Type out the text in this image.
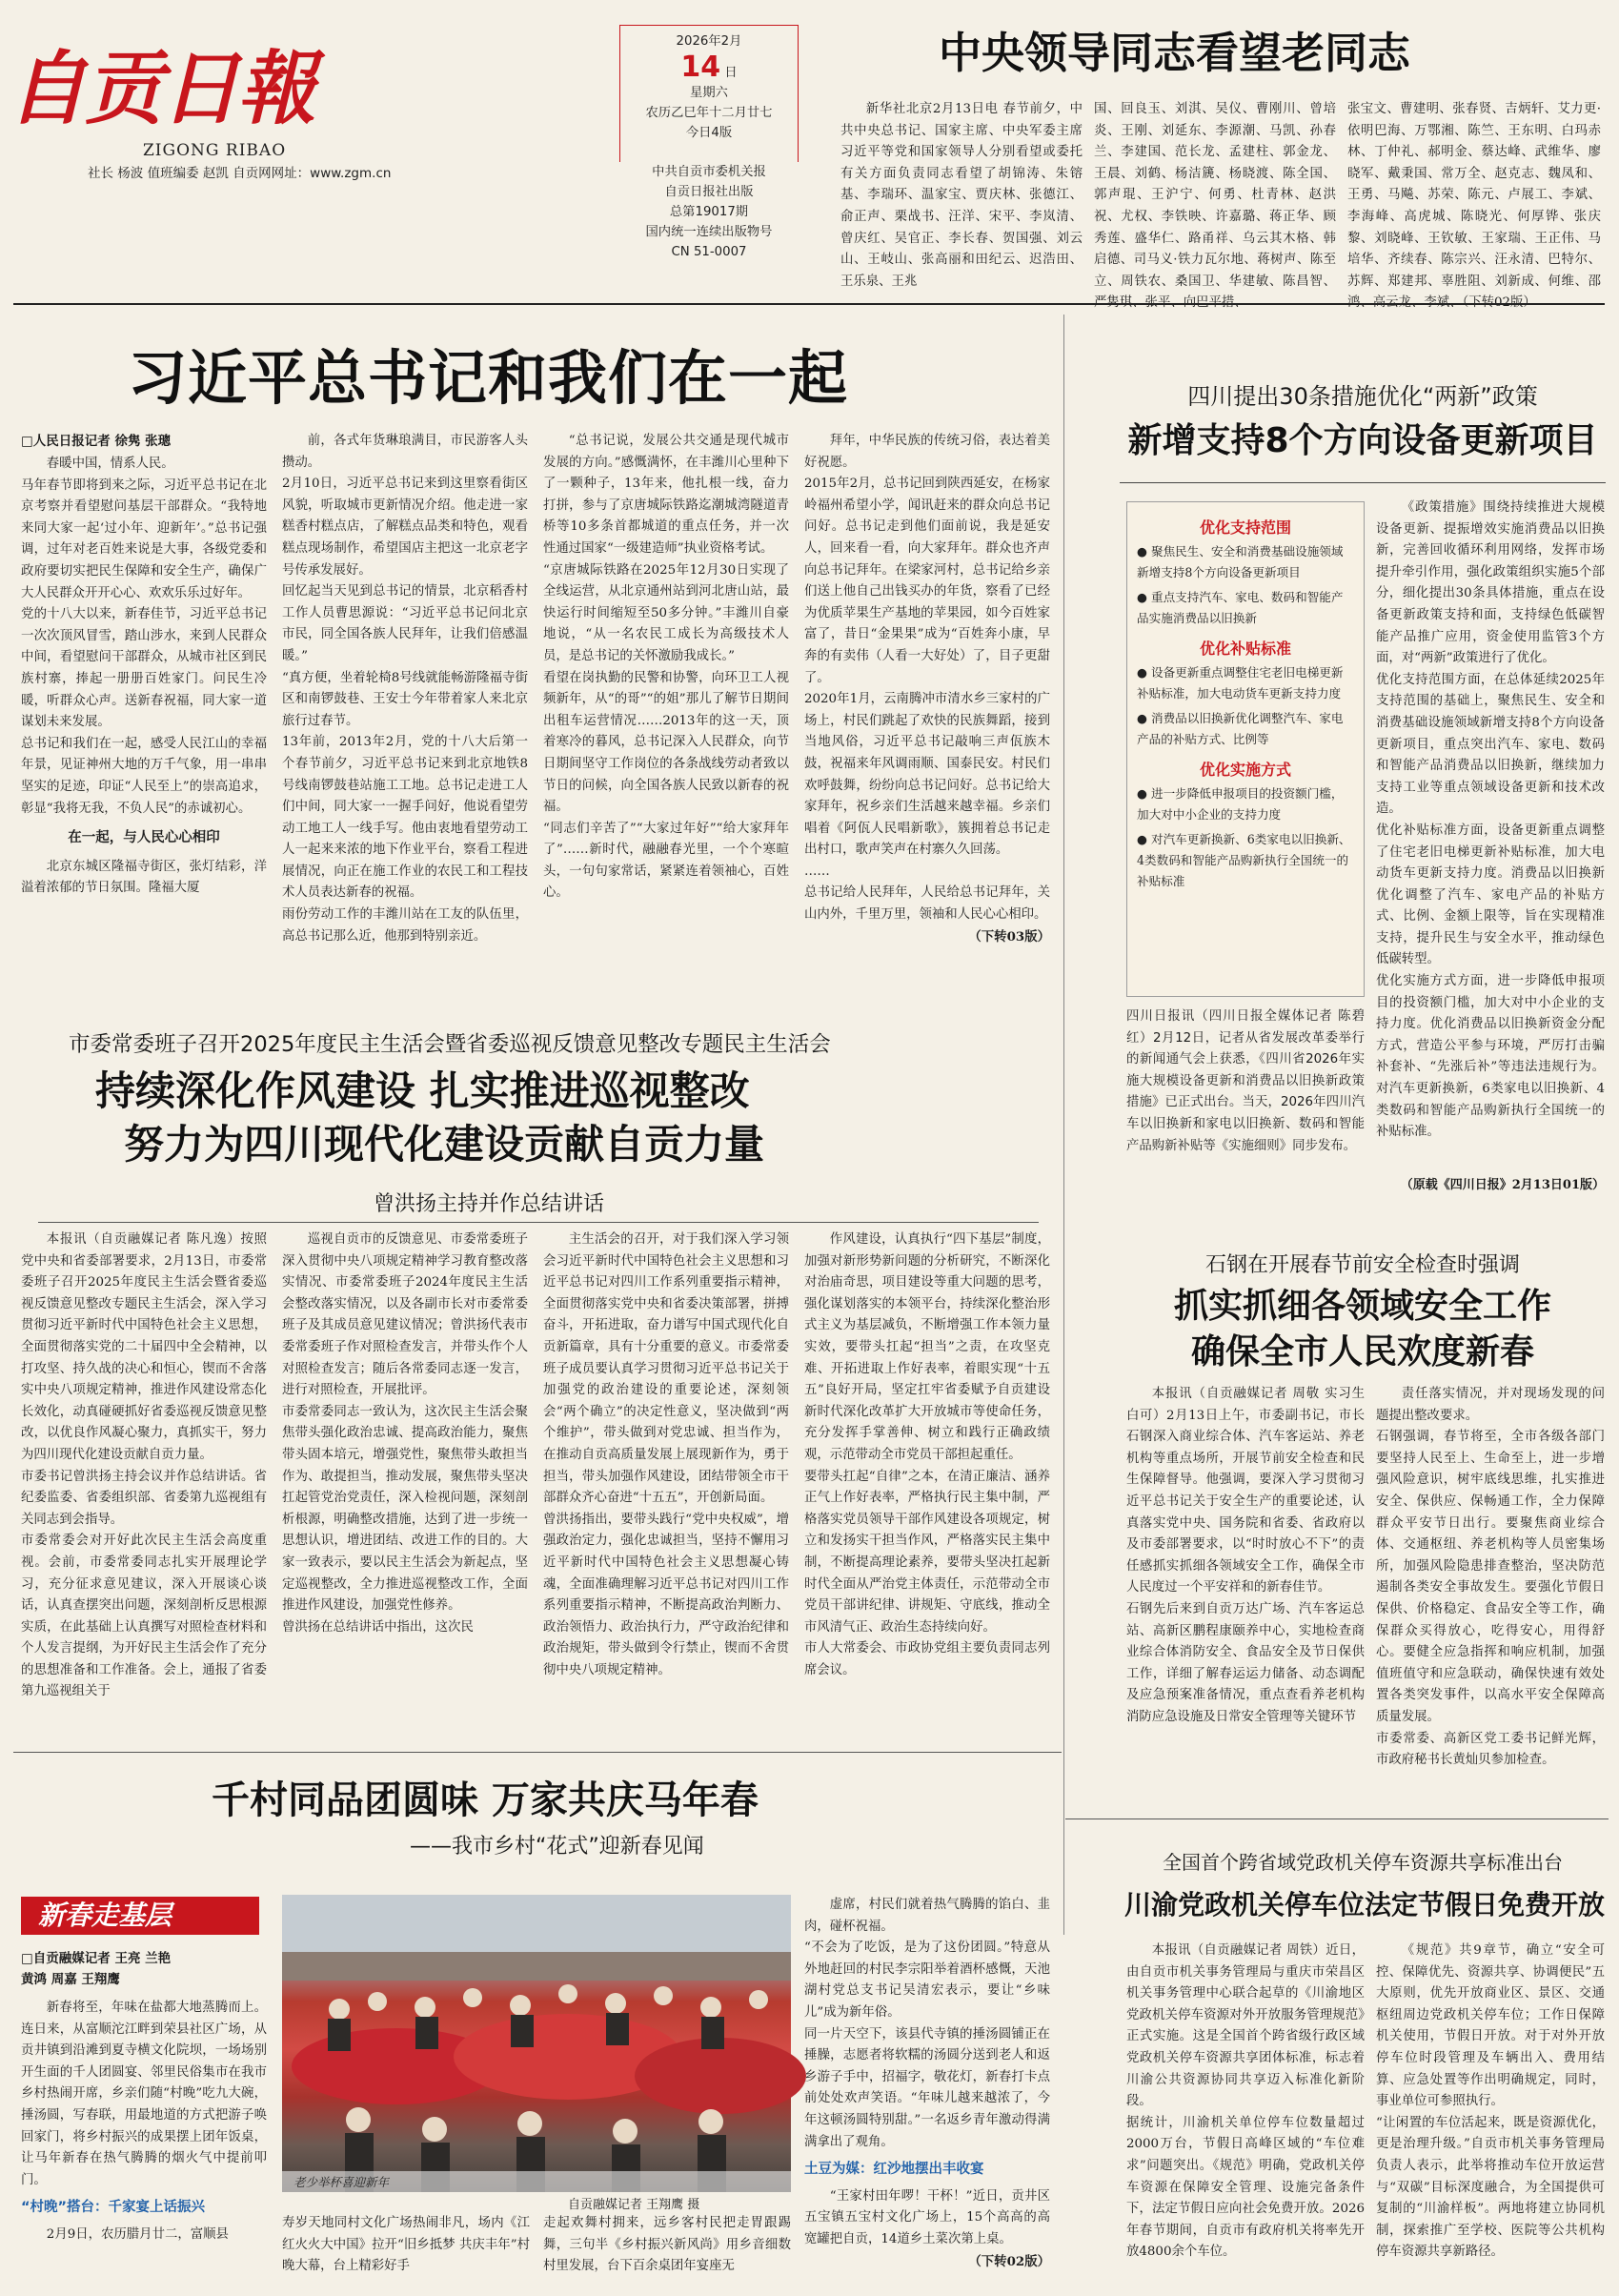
自贡日報
ZIGONG RIBAO
社长 杨波 值班编委 赵凯 自贡网网址：www.zgm.cn
2026年2月
14 日
星期六
农历乙巳年十二月廿七
今日4版
中共自贡市委机关报
自贡日报社出版
总第19017期
国内统一连续出版物号
CN 51-0007
中央领导同志看望老同志
新华社北京2月13日电 春节前夕，中共中央总书记、国家主席、中央军委主席习近平等党和国家领导人分别看望或委托有关方面负责同志看望了胡锦涛、朱镕基、李瑞环、温家宝、贾庆林、张德江、俞正声、栗战书、汪洋、宋平、李岚清、曾庆红、吴官正、李长春、贺国强、刘云山、王岐山、张高丽和田纪云、迟浩田、王乐泉、王兆
国、回良玉、刘淇、吴仪、曹刚川、曾培炎、王刚、刘延东、李源潮、马凯、孙春兰、李建国、范长龙、孟建柱、郭金龙、王晨、刘鹤、杨洁篪、杨晓渡、陈全国、郭声琨、王沪宁、何勇、杜青林、赵洪祝、尤权、李铁映、许嘉璐、蒋正华、顾秀莲、盛华仁、路甬祥、乌云其木格、韩启德、司马义·铁力瓦尔地、蒋树声、陈至立、周铁农、桑国卫、华建敏、陈昌智、
张宝文、曹建明、张春贤、吉炳轩、艾力更·依明巴海、万鄂湘、陈竺、王东明、白玛赤林、丁仲礼、郝明金、蔡达峰、武维华、廖晓军、戴秉国、常万全、赵克志、魏凤和、王勇、马飚、苏荣、陈元、卢展工、李斌、李海峰、高虎城、陈晓光、何厚铧、张庆黎、刘晓峰、王钦敏、王家瑞、王正伟、马培华、齐续春、陈宗兴、汪永清、巴特尔、苏辉、郑建邦、辜胜阻、刘新成、何维、邵
习近平总书记和我们在一起
□人民日报记者 徐隽 张璁
春暖中国，情系人民。
马年春节即将到来之际，习近平总书记在北京考察并看望慰问基层干部群众。“我特地来同大家一起‘过小年、迎新年’。”总书记强调，过年对老百姓来说是大事，各级党委和政府要切实把民生保障和安全生产，确保广大人民群众开开心心、欢欢乐乐过好年。
党的十八大以来，新春佳节，习近平总书记一次次顶风冒雪，踏山涉水，来到人民群众中间，看望慰问干部群众，从城市社区到民族村寨，捧起一册册百姓家门。问民生冷暖，听群众心声。送新春祝福，同大家一道谋划未来发展。
总书记和我们在一起，感受人民江山的幸福年景，见证神州大地的万千气象，用一串串坚实的足迹，印证“人民至上”的崇高追求，彰显“我将无我，不负人民”的赤诚初心。
在一起，与人民心心相印
北京东城区隆福寺街区，张灯结彩，洋溢着浓郁的节日氛围。隆福大厦
前，各式年货琳琅满目，市民游客人头攒动。
2月10日，习近平总书记来到这里察看街区风貌，听取城市更新情况介绍。他走进一家糕香村糕点店，了解糕点品类和特色，观看糕点现场制作，希望国店主把这一北京老字号传承发展好。
回忆起当天见到总书记的情景，北京稻香村工作人员曹思源说：“习近平总书记问北京市民，同全国各族人民拜年，让我们倍感温暖。”
“真方便，坐着轮椅8号线就能畅游隆福寺街区和南锣鼓巷、王安士今年带着家人来北京旅行过春节。
13年前，2013年2月，党的十八大后第一个春节前夕，习近平总书记来到北京地铁8号线南锣鼓巷站施工工地。总书记走进工人们中间，同大家一一握手问好，他说看望劳动工地工人一线手写。他由衷地看望劳动工人一起来来浓的地下作业平台，察看工程进展情况，向正在施工作业的农民工和工程技术人员表达新春的祝福。
雨份劳动工作的丰潍川站在工友的队伍里，高总书记那么近，他那到特别亲近。
“总书记说，发展公共交通是现代城市发展的方向。”感慨满怀，在丰潍川心里种下了一颗种子，13年来，他扎根一线，奋力打拼，参与了京唐城际铁路迄潮城湾隧道青桥等10多条首都城道的重点任务，并一次性通过国家“一级建造师”执业资格考试。
“京唐城际铁路在2025年12月30日实现了全线运营，从北京通州站到河北唐山站，最快运行时间缩短至50多分钟。”丰潍川自豪地说，“从一名农民工成长为高级技术人员，是总书记的关怀激励我成长。”
看望在岗执勤的民警和协警，向环卫工人视频新年，从“的哥”“的姐”那儿了解节日期间出租车运营情况……2013年的这一天，顶着寒冷的暮风，总书记深入人民群众，向节日期间坚守工作岗位的各条战线劳动者致以节日的问候，向全国各族人民致以新春的祝福。
“同志们辛苦了”“大家过年好”“给大家拜年了”……新时代，融融春光里，一个个寒暄头，一句句家常话，紧紧连着领袖心，百姓心。
拜年，中华民族的传统习俗，表达着美好祝愿。
2015年2月，总书记回到陕西延安，在杨家岭福州希望小学，闻讯赶来的群众向总书记问好。总书记走到他们面前说，我是延安人，回来看一看，向大家拜年。群众也齐声向总书记拜年。在梁家河村，总书记给乡亲们送上他自己出钱买办的年货，察看了已经为优质苹果生产基地的苹果园，如今百姓家富了，昔日“金果果”成为“百姓奔小康，早奔的有卖伟（人看一大好处）了，目子更甜了。
2020年1月，云南腾冲市清水乡三家村的广场上，村民们跳起了欢快的民族舞蹈，接到当地风俗，习近平总书记敲响三声佤族木鼓，祝福来年风调雨顺、国泰民安。村民们欢呼鼓舞，纷纷向总书记问好。总书记给大家拜年，祝乡亲们生活越来越幸福。乡亲们唱着《阿佤人民唱新歌》，簇拥着总书记走出村口，歌声笑声在村寨久久回荡。
……
总书记给人民拜年，人民给总书记拜年，关山内外，千里万里，领袖和人民心心相印。
（下转03版）
四川提出30条措施优化“两新”政策
新增支持8个方向设备更新项目
优化支持范围
● 聚焦民生、安全和消费基础设施领域新增支持8个方向设备更新项目
● 重点支持汽车、家电、数码和智能产品实施消费品以旧换新
优化补贴标准
● 设备更新重点调整住宅老旧电梯更新补贴标准，加大电动货车更新支持力度
● 消费品以旧换新优化调整汽车、家电产品的补贴方式、比例等
优化实施方式
● 进一步降低申报项目的投资额门槛，加大对中小企业的支持力度
● 对汽车更新换新、6类家电以旧换新、4类数码和智能产品购新执行全国统一的补贴标准
《政策措施》围绕持续推进大规模设备更新、提振增效实施消费品以旧换新，完善回收循环利用网络，发挥市场提升牵引作用，强化政策组织实施5个部分，细化提出30条具体措施，重点在设备更新政策支持和面，支持绿色低碳智能产品推广应用，资金使用监管3个方面，对“两新”政策进行了优化。
优化支持范围方面，在总体延续2025年支持范围的基础上，聚焦民生、安全和消费基础设施领域新增支持8个方向设备更新项目，重点突出汽车、家电、数码和智能产品消费品以旧换新，继续加力支持工业等重点领域设备更新和技术改造。
优化补贴标准方面，设备更新重点调整了住宅老旧电梯更新补贴标准，加大电动货车更新支持力度。消费品以旧换新优化调整了汽车、家电产品的补贴方式、比例、金额上限等，旨在实现精准支持，提升民生与安全水平，推动绿色低碳转型。
优化实施方式方面，进一步降低申报项目的投资额门槛，加大对中小企业的支持力度。优化消费品以旧换新资金分配方式，营造公平参与环境，严厉打击骗补套补、“先涨后补”等违法违规行为。对汽车更新换新，6类家电以旧换新、4类数码和智能产品购新执行全国统一的补贴标准。
四川日报讯（四川日报全媒体记者 陈碧红）2月12日，记者从省发展改革委举行的新闻通气会上获悉，《四川省2026年实施大规模设备更新和消费品以旧换新政策措施》已正式出台。当天，2026年四川汽车以旧换新和家电以旧换新、数码和智能产品购新补贴等《实施细则》同步发布。
（原载《四川日报》2月13日01版）
市委常委班子召开2025年度民主生活会暨省委巡视反馈意见整改专题民主生活会
持续深化作风建设 扎实推进巡视整改
努力为四川现代化建设贡献自贡力量
曾洪扬主持并作总结讲话
本报讯（自贡融媒记者 陈凡逸）按照党中央和省委部署要求，2月13日，市委常委班子召开2025年度民主生活会暨省委巡视反馈意见整改专题民主生活会，深入学习贯彻习近平新时代中国特色社会主义思想，全面贯彻落实党的二十届四中全会精神，以打攻坚、持久战的决心和恒心，锲而不舍落实中央八项规定精神，推进作风建设常态化长效化，动真碰硬抓好省委巡视反馈意见整改，以优良作风凝心聚力，真抓实干，努力为四川现代化建设贡献自贡力量。
市委书记曾洪扬主持会议并作总结讲话。省纪委监委、省委组织部、省委第九巡视组有关同志到会指导。
市委常委会对开好此次民主生活会高度重视。会前，市委常委同志扎实开展理论学习，充分征求意见建议，深入开展谈心谈话，认真查摆突出问题，深刻剖析反思根源实质，在此基础上认真撰写对照检查材料和个人发言提纲，为开好民主生活会作了充分的思想准备和工作准备。会上，通报了省委第九巡视组关于
巡视自贡市的反馈意见、市委常委班子深入贯彻中央八项规定精神学习教育整改落实情况、市委常委班子2024年度民主生活会整改落实情况，以及各副市长对市委常委班子及其成员意见建议情况；曾洪扬代表市委常委班子作对照检查发言，并带头作个人对照检查发言；随后各常委同志逐一发言，进行对照检查，开展批评。
市委常委同志一致认为，这次民主生活会聚焦带头强化政治忠诚、提高政治能力，聚焦带头固本培元，增强党性，聚焦带头敢担当作为、敢提担当，推动发展，聚焦带头坚决扛起管党治党责任，深入检视问题，深刻剖析根源，明确整改措施，达到了进一步统一思想认识，增进团结、改进工作的目的。大家一致表示，要以民主生活会为新起点，坚定巡视整改，全力推进巡视整改工作，全面推进作风建设，加强党性修养。
曾洪扬在总结讲话中指出，这次民
主生活会的召开，对于我们深入学习领会习近平新时代中国特色社会主义思想和习近平总书记对四川工作系列重要指示精神，全面贯彻落实党中央和省委决策部署，拼搏奋斗，开拓进取，奋力谱写中国式现代化自贡新篇章，具有十分重要的意义。市委常委班子成员要认真学习贯彻习近平总书记关于加强党的政治建设的重要论述，深刻领会“两个确立”的决定性意义，坚决做到“两个维护”，带头做到对党忠诚、担当作为，在推动自贡高质量发展上展现新作为，勇于担当，带头加强作风建设，团结带领全市干部群众齐心奋进“十五五”，开创新局面。
曾洪扬指出，要带头践行“党中央权威”，增强政治定力，强化忠诚担当，坚持不懈用习近平新时代中国特色社会主义思想凝心铸魂，全面准确理解习近平总书记对四川工作系列重要指示精神，不断提高政治判断力、政治领悟力、政治执行力，严守政治纪律和政治规矩，带头做到令行禁止，锲而不舍贯彻中央八项规定精神。
作风建设，认真执行“四下基层”制度，加强对新形势新问题的分析研究，不断深化对治庙奇思，项目建设等重大问题的思考，强化谋划落实的本领平台，持续深化整治形式主义为基层减负，不断增强工作本领力量实效，要带头扛起“担当”之责，在攻坚克难、开拓进取上作好表率，着眼实现“十五五”良好开局，坚定扛牢省委赋予自贡建设新时代深化改革扩大开放城市等使命任务，充分发挥手掌善伸、树立和践行正确政绩观，示范带动全市党员干部担起重任。
要带头扛起“自律”之本，在清正廉洁、涵养正气上作好表率，严格执行民主集中制，严格落实党员领导干部作风建设各项规定，树立和发扬实干担当作风，严格落实民主集中制，不断提高理论素养，要带头坚决扛起新时代全面从严治党主体责任，示范带动全市党员干部讲纪律、讲规矩、守底线，推动全市风清气正、政治生态持续向好。
市人大常委会、市政协党组主要负责同志列席会议。
石钢在开展春节前安全检查时强调
抓实抓细各领域安全工作
确保全市人民欢度新春
本报讯（自贡融媒记者 周敬 实习生 白可）2月13日上午，市委副书记，市长石钢深入商业综合体、汽车客运站、养老机构等重点场所，开展节前安全检查和民生保障督导。他强调，要深入学习贯彻习近平总书记关于安全生产的重要论述，认真落实党中央、国务院和省委、省政府以及市委部署要求，以“时时放心不下”的责任感抓实抓细各领域安全工作，确保全市人民度过一个平安祥和的新春佳节。
石钢先后来到自贡万达广场、汽车客运总站、高新区鹏程康颐养中心，实地检查商业综合体消防安全、食品安全及节日保供工作，详细了解春运运力储备、动态调配及应急预案准备情况，重点查看养老机构消防应急设施及日常安全管理等关键环节
责任落实情况，并对现场发现的问题提出整改要求。
石钢强调，春节将至，全市各级各部门要坚持人民至上、生命至上，进一步增强风险意识，树牢底线思维，扎实推进安全、保供应、保畅通工作，全力保障群众平安节日出行。要聚焦商业综合体、交通枢纽、养老机构等人员密集场所，加强风险隐患排查整治，坚决防范遏制各类安全事故发生。要强化节假日保供、价格稳定、食品安全等工作，确保群众买得放心，吃得安心，用得舒心。要健全应急指挥和响应机制，加强值班值守和应急联动，确保快速有效处置各类突发事件，以高水平安全保障高质量发展。
市委常委、高新区党工委书记鲜光辉，市政府秘书长黄灿贝参加检查。
千村同品团圆味 万家共庆马年春
——我市乡村“花式”迎新春见闻
新春走基层
□自贡融媒记者 王亮 兰艳
黄鸿 周嘉 王翔鹰
新春将至，年味在盐都大地蒸腾而上。连日来，从富顺沱江畔到荣县社区广场，从贡井镇到沿滩到夏寺横文化院坝，一场场别开生面的千人团圆宴、邻里民俗集市在我市乡村热闹开席，乡亲们随“村晚”吃九大碗，捶汤圆，写春联，用最地道的方式把游子唤回家门，将乡村振兴的成果摆上团年饭桌，让马年新春在热气腾腾的烟火气中提前叩门。
“村晚”搭台：千家宴上话振兴
2月9日，农历腊月廿二，富顺县
老少举杯喜迎新年
自贡融媒记者 王翔鹰 摄
寿岁天地同村文化广场热闹非凡，场内《江红火火大中国》拉开“旧乡抵梦 共庆丰年”村晚大幕，台上精彩好手
走起欢舞村拥来，远乡客村民把走胃跟踢舞，三句半《乡村振兴新风尚》用乡音细数村里发展，台下百余桌团年宴座无
虚席，村民们就着热气腾腾的馅白、韭肉，碰杯祝福。
“不会为了吃饭，是为了这份团圆。”特意从外地赶回的村民李宗阳举着酒杯感慨，天池湖村党总支书记吴清宏表示，要让“乡味儿”成为新年俗。
同一片天空下，该县代寺镇的捶汤圆铺正在捶臊，志愿者将软糯的汤圆分送到老人和返乡游子手中，招福字，敬花灯，新春打卡点前处处欢声笑语。“年味儿越来越浓了，今年这顿汤圆特别甜。”一名返乡青年激动得满满拿出了观角。
土豆为媒：红沙地摆出丰收宴
“王家村田年啰！干杯！”近日，贡井区五宝镇五宝村文化广场上，15个高高的高宽罐把自贡，14道乡土菜次第上桌。
（下转02版）
全国首个跨省域党政机关停车资源共享标准出台
川渝党政机关停车位法定节假日免费开放
本报讯（自贡融媒记者 周铁）近日，由自贡市机关事务管理局与重庆市荣昌区机关事务管理中心联合起草的《川渝地区党政机关停车资源对外开放服务管理规范》正式实施。这是全国首个跨省级行政区域党政机关停车资源共享团体标准，标志着川渝公共资源协同共享迈入标准化新阶段。
据统计，川渝机关单位停车位数量超过2000万台，节假日高峰区域的“车位难求”问题突出。《规范》明确，党政机关停车资源在保障安全管理、设施完备条件下，法定节假日应向社会免费开放。2026年春节期间，自贡市有政府机关将率先开放4800余个车位。
《规范》共9章节，确立“安全可控、保障优先、资源共享、协调便民”五大原则，优先开放商业区、景区、交通枢纽周边党政机关停车位；工作日保障机关使用，节假日开放。对于对外开放停车位时段管理及车辆出入、费用结算、应急处置等作出明确规定，同时，事业单位可参照执行。
“让闲置的车位活起来，既是资源优化，更是治理升级。”自贡市机关事务管理局负责人表示，此举将推动车位开放运营与“双碳”目标深度融合，为全国提供可复制的“川渝样板”。两地将建立协同机制，探索推广至学校、医院等公共机构停车资源共享新路径。
